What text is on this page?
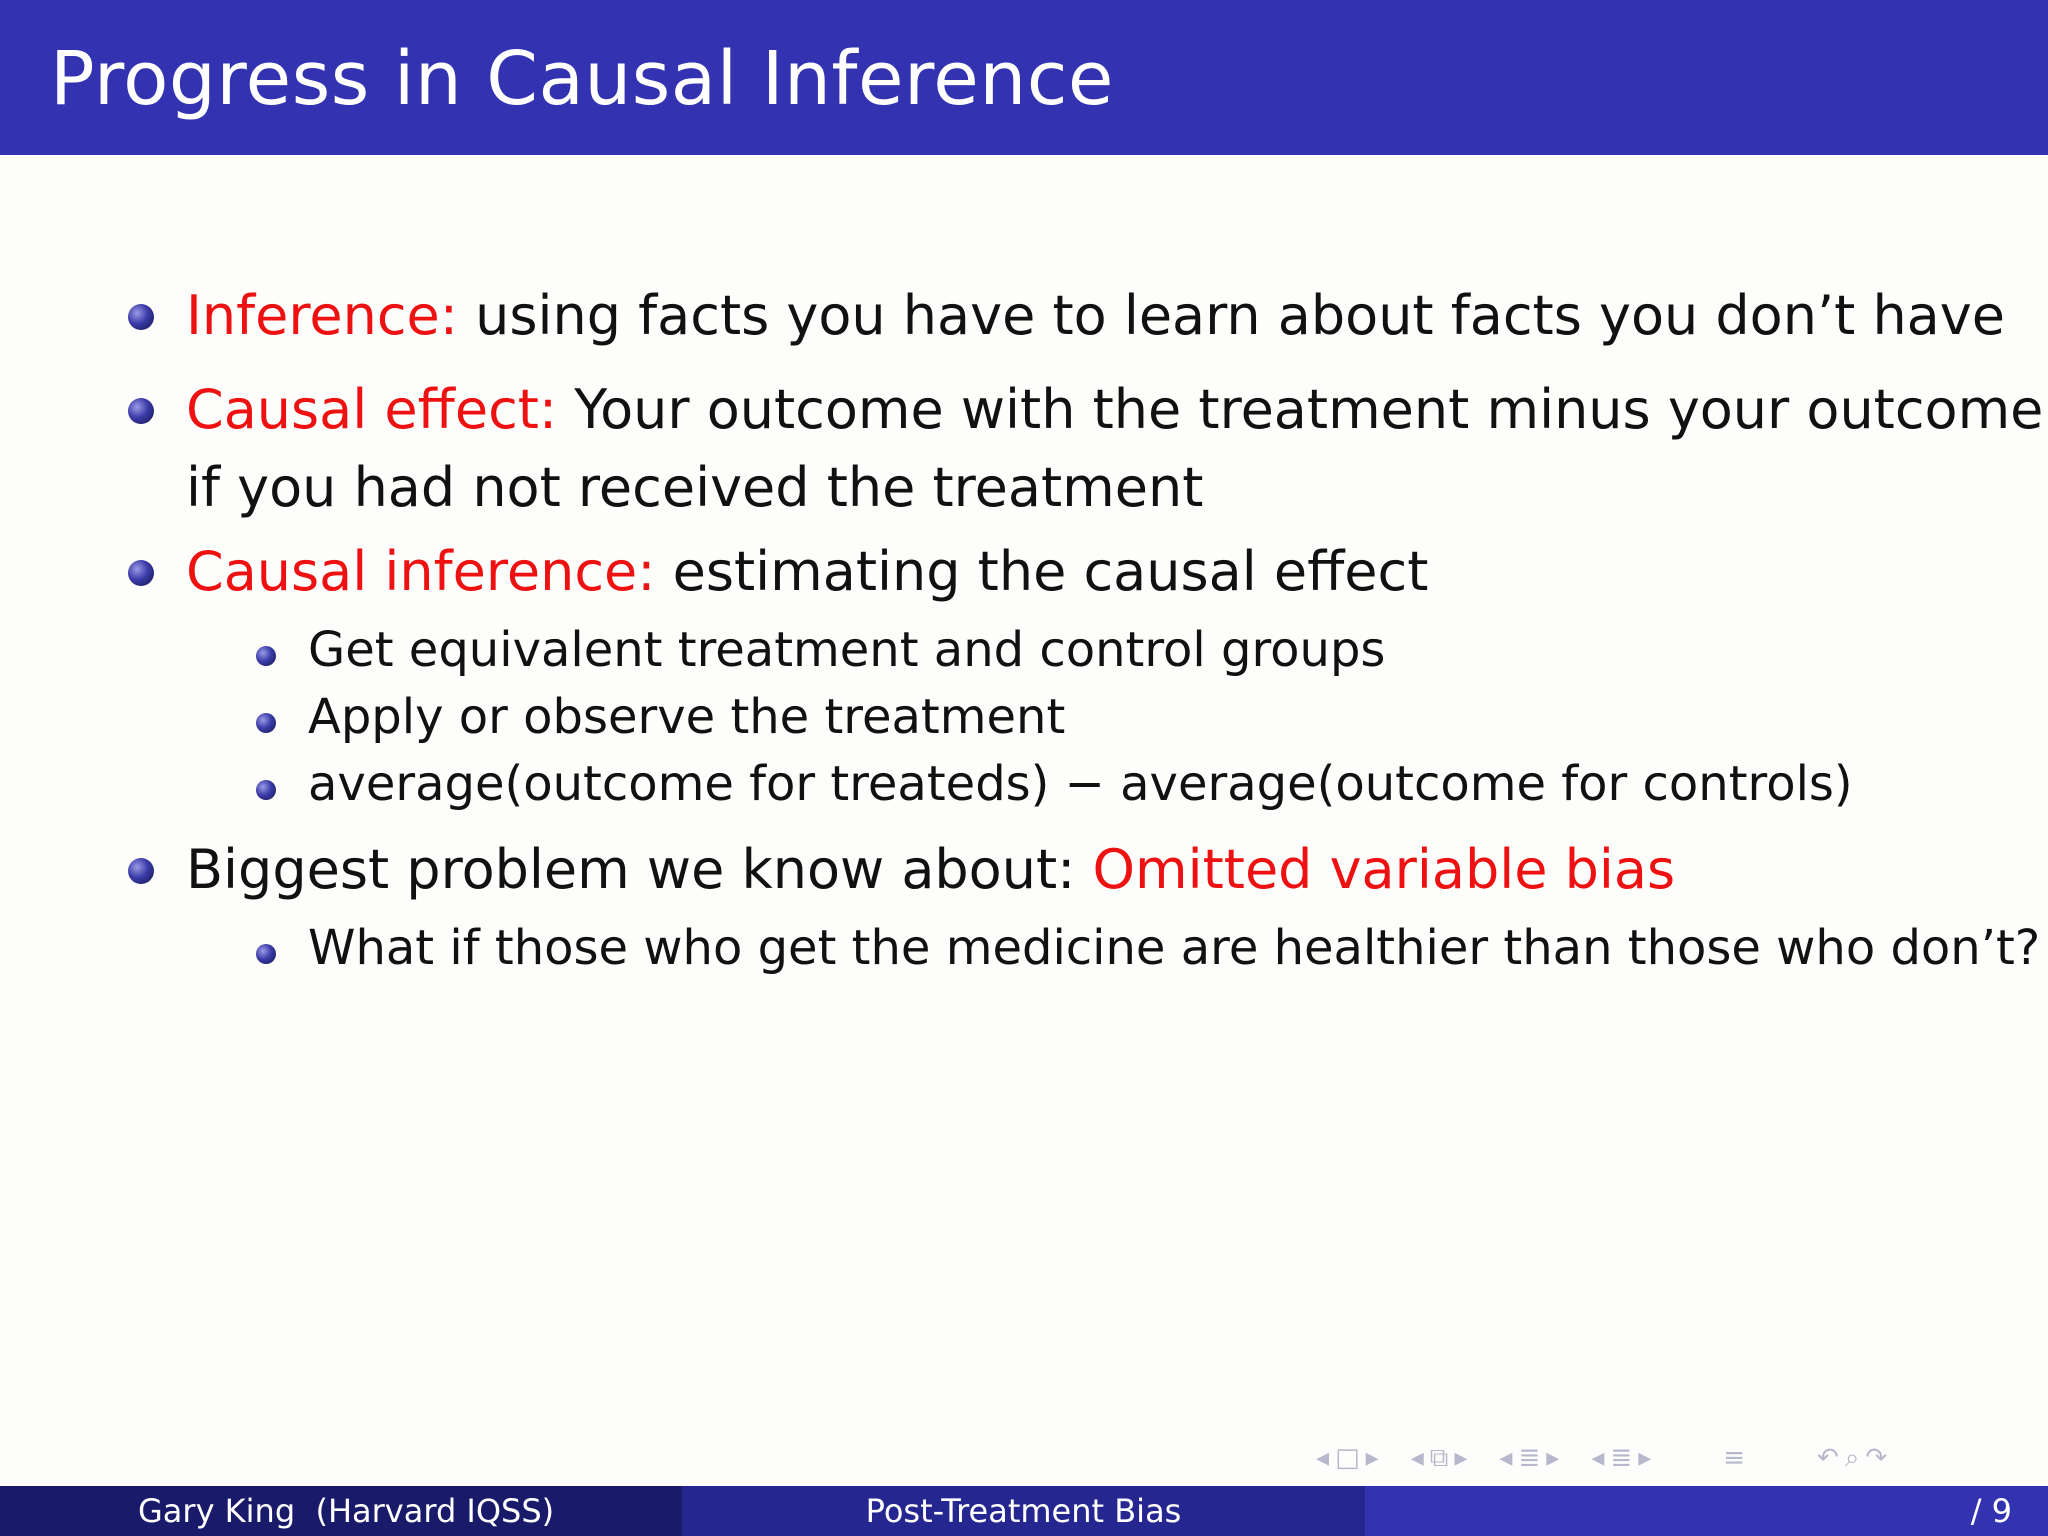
Progress in Causal Inference
Inference: using facts you have to learn about facts you don’t have
Causal effect: Your outcome with the treatment minus your outcome
if you had not received the treatment
Causal inference: estimating the causal effect
Get equivalent treatment and control groups
Apply or observe the treatment
average(outcome for treateds) − average(outcome for controls)
Biggest problem we know about: Omitted variable bias
What if those who get the medicine are healthier than those who don’t?
◂ □ ▸ ◂ ⧉ ▸ ◂ ≣ ▸ ◂ ≣ ▸	≡	↶ ⌕ ↷
Gary King  (Harvard IQSS)	Post-Treatment Bias	/ 9
